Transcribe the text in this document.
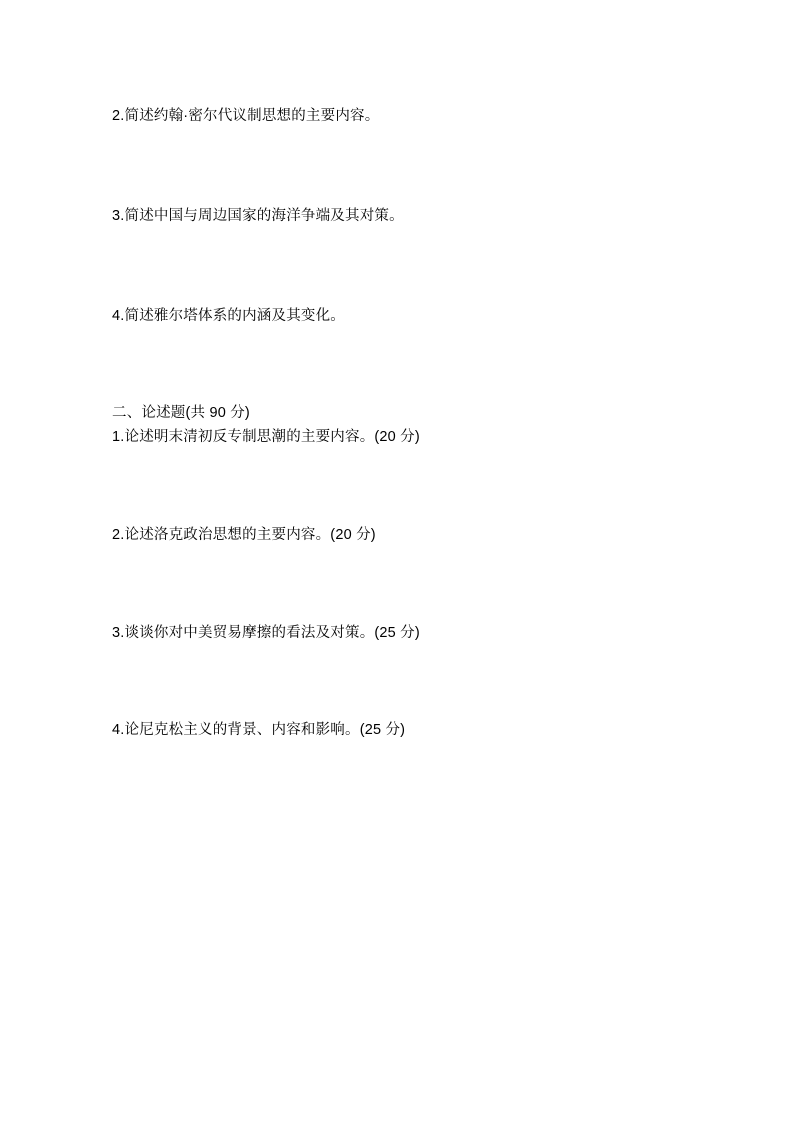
2.简述约翰·密尔代议制思想的主要内容。
3.简述中国与周边国家的海洋争端及其对策。
4.简述雅尔塔体系的内涵及其变化。
二、论述题(共 90 分)
1.论述明末清初反专制思潮的主要内容。(20 分)
2.论述洛克政治思想的主要内容。(20 分)
3.谈谈你对中美贸易摩擦的看法及对策。(25 分)
4.论尼克松主义的背景、内容和影响。(25 分)
